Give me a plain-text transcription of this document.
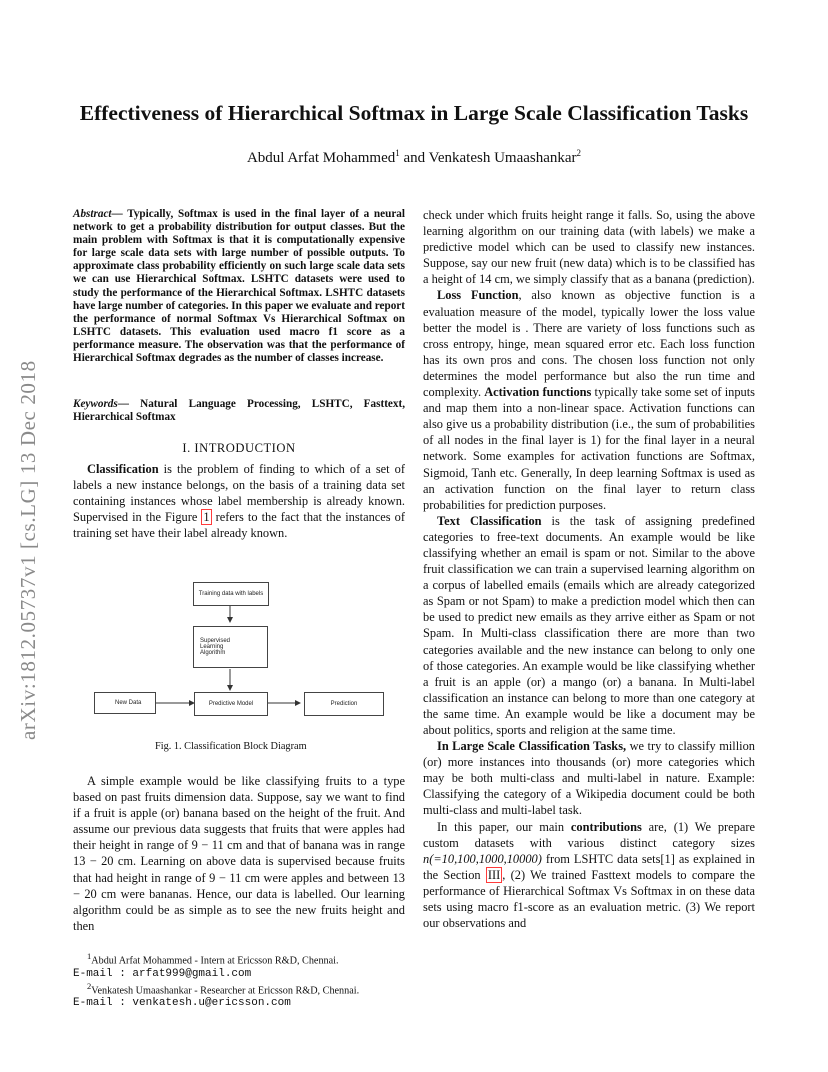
Effectiveness of Hierarchical Softmax in Large Scale Classification Tasks
Abdul Arfat Mohammed$^1$ and Venkatesh Umaashankar$^2$
arXiv:1812.05737v1 [cs.LG] 13 Dec 2018
Abstract— Typically, Softmax is used in the final layer of a neural network to get a probability distribution for output classes. But the main problem with Softmax is that it is computationally expensive for large scale data sets with large number of possible outputs. To approximate class probability efficiently on such large scale data sets we can use Hierarchical Softmax. LSHTC datasets were used to study the performance of the Hierarchical Softmax. LSHTC datasets have large number of categories. In this paper we evaluate and report the performance of normal Softmax Vs Hierarchical Softmax on LSHTC datasets. This evaluation used macro f1 score as a performance measure. The observation was that the performance of Hierarchical Softmax degrades as the number of classes increase.
Keywords— Natural Language Processing, LSHTC, Fasttext, Hierarchical Softmax
I. INTRODUCTION

Classification is the problem of finding to which of a set of labels a new instance belongs, on the basis of a training data set containing instances whose label membership is already known. Supervised in the Figure 1 refers to the fact that the instances of training set have their label already known.

Training data with labels
Supervised Learning Algorithm
New Data	Predictive Model	Prediction
Fig. 1. Classification Block Diagram

A simple example would be like classifying fruits to a type based on past fruits dimension data. Suppose, say we want to find if a fruit is apple (or) banana based on the height of the fruit. And assume our previous data suggests that fruits that were apples had their height in range of 9 − 11 cm and that of banana was in range 13 − 20 cm. Learning on above data is supervised because fruits that had height in range of 9 − 11 cm were apples and between 13 − 20 cm were bananas. Hence, our data is labelled. Our learning algorithm could be as simple as to see the new fruits height and then

$^1$Abdul Arfat Mohammed - Intern at Ericsson R&D, Chennai.
E-mail : arfat999@gmail.com
$^2$Venkatesh Umaashankar - Researcher at Ericsson R&D, Chennai.
E-mail : venkatesh.u@ericsson.com

check under which fruits height range it falls. So, using the above learning algorithm on our training data (with labels) we make a predictive model which can be used to classify new instances. Suppose, say our new fruit (new data) which is to be classified has a height of 14 cm, we simply classify that as a banana (prediction).

Loss Function, also known as objective function is a evaluation measure of the model, typically lower the loss value better the model is . There are variety of loss functions such as cross entropy, hinge, mean squared error etc. Each loss function has its own pros and cons. The chosen loss function not only determines the model performance but also the run time and complexity. Activation functions typically take some set of inputs and map them into a non-linear space. Activation functions can also give us a probability distribution (i.e., the sum of probabilities of all nodes in the final layer is 1) for the final layer in a neural network. Some examples for activation functions are Softmax, Sigmoid, Tanh etc. Generally, In deep learning Softmax is used as an activation function on the final layer to return class probabilities for prediction purposes.

Text Classification is the task of assigning predefined categories to free-text documents. An example would be like classifying whether an email is spam or not. Similar to the above fruit classification we can train a supervised learning algorithm on a corpus of labelled emails (emails which are already categorized as Spam or not Spam) to make a prediction model which then can be used to predict new emails as they arrive either as Spam or not Spam. In Multi-class classification there are more than two categories available and the new instance can belong to only one of those categories. An example would be like classifying whether a fruit is an apple (or) a mango (or) a banana. In Multi-label classification an instance can belong to more than one category at the same time. An example would be like a document may be about politics, sports and religion at the same time.

In Large Scale Classification Tasks, we try to classify million (or) more instances into thousands (or) more categories which may be both multi-class and multi-label in nature. Example: Classifying the category of a Wikipedia document could be both multi-class and multi-label task.

In this paper, our main contributions are, (1) We prepare custom datasets with various distinct category sizes n(=10,100,1000,10000) from LSHTC data sets[1] as explained in the Section III , (2) We trained Fasttext models to compare the performance of Hierarchical Softmax Vs Softmax in on these data sets using macro f1-score as an evaluation metric. (3) We report our observations and
